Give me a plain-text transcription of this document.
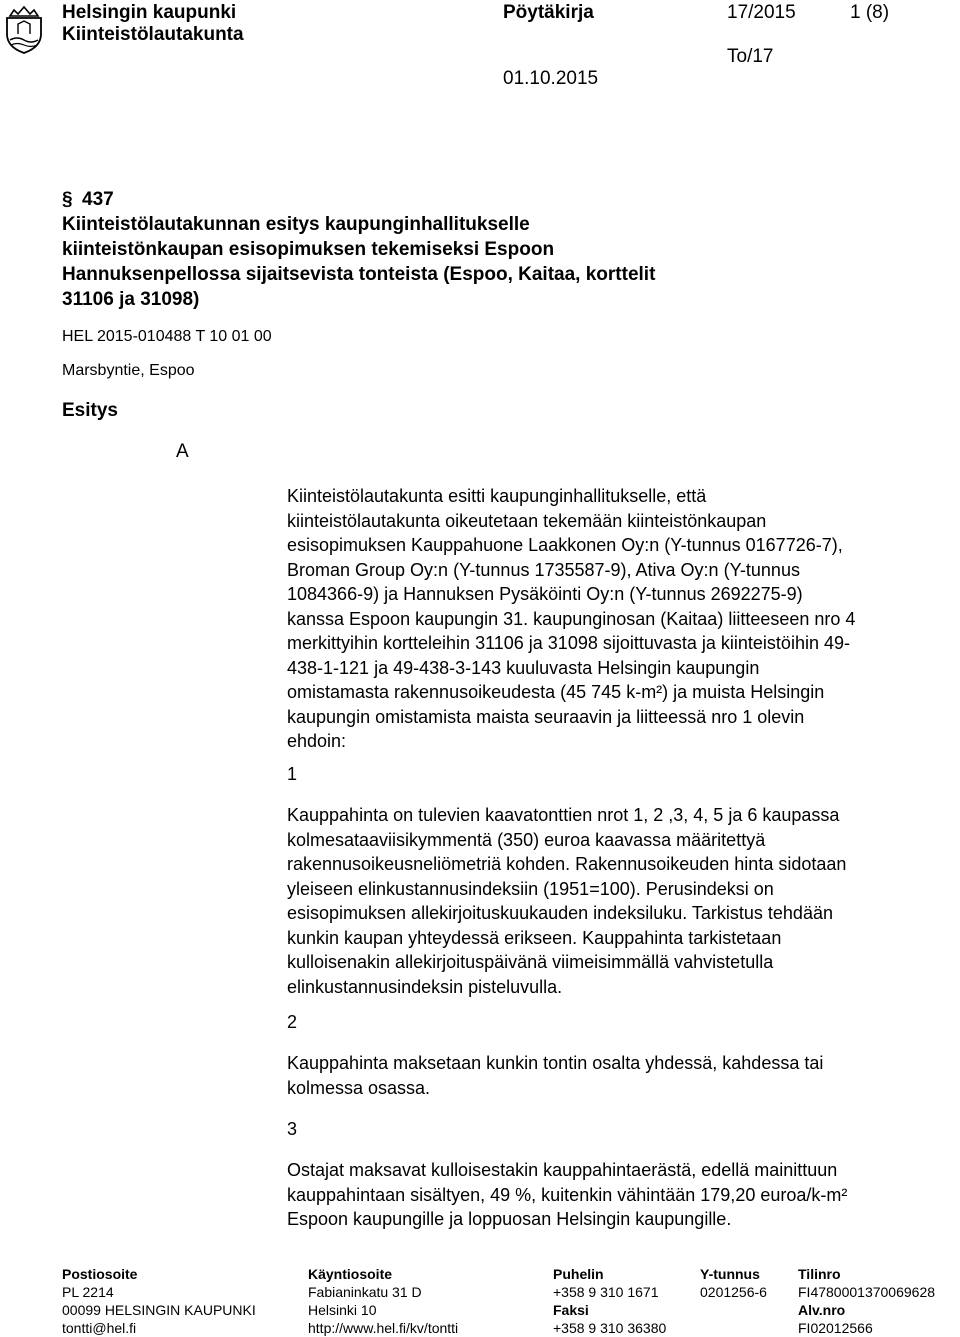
Helsingin kaupunki
Kiinteistölautakunta
Pöytäkirja	17/2015	1 (8)
To/17
01.10.2015
§ 437
Kiinteistölautakunnan esitys kaupunginhallitukselle
kiinteistönkaupan esisopimuksen tekemiseksi Espoon
Hannuksenpellossa sijaitsevista tonteista (Espoo, Kaitaa, korttelit
31106 ja 31098)
HEL 2015-010488 T 10 01 00
Marsbyntie, Espoo
Esitys
A
Kiinteistölautakunta esitti kaupunginhallitukselle, että
kiinteistölautakunta oikeutetaan tekemään kiinteistönkaupan
esisopimuksen Kauppahuone Laakkonen Oy:n (Y-tunnus 0167726-7),
Broman Group Oy:n (Y-tunnus 1735587-9), Ativa Oy:n (Y-tunnus
1084366-9) ja Hannuksen Pysäköinti Oy:n (Y-tunnus 2692275-9)
kanssa Espoon kaupungin 31. kaupunginosan (Kaitaa) liitteeseen nro 4
merkittyihin kortteleihin 31106 ja 31098 sijoittuvasta ja kiinteistöihin 49-
438-1-121 ja 49-438-3-143 kuuluvasta Helsingin kaupungin
omistamasta rakennusoikeudesta (45 745 k-m²) ja muista Helsingin
kaupungin omistamista maista seuraavin ja liitteessä nro 1 olevin
ehdoin:
1
Kauppahinta on tulevien kaavatonttien nrot 1, 2 ,3, 4, 5 ja 6 kaupassa
kolmesataaviisikymmentä (350) euroa kaavassa määritettyä
rakennusoikeusneliömetriä kohden. Rakennusoikeuden hinta sidotaan
yleiseen elinkustannusindeksiin (1951=100). Perusindeksi on
esisopimuksen allekirjoituskuukauden indeksiluku. Tarkistus tehdään
kunkin kaupan yhteydessä erikseen. Kauppahinta tarkistetaan
kulloisenakin allekirjoituspäivänä viimeisimmällä vahvistetulla
elinkustannusindeksin pisteluvulla.
2
Kauppahinta maksetaan kunkin tontin osalta yhdessä, kahdessa tai
kolmessa osassa.
3
Ostajat maksavat kulloisestakin kauppahintaerästä, edellä mainittuun
kauppahintaan sisältyen, 49 %, kuitenkin vähintään 179,20 euroa/k-m²
Espoon kaupungille ja loppuosan Helsingin kaupungille.
Postiosoite
PL 2214
00099 HELSINGIN KAUPUNKI
tontti@hel.fi
Käyntiosoite
Fabianinkatu 31 D
Helsinki 10
http://www.hel.fi/kv/tontti
Puhelin
+358 9 310 1671
Faksi
+358 9 310 36380
Y-tunnus
0201256-6
Tilinro
FI4780001370069628
Alv.nro
FI02012566
